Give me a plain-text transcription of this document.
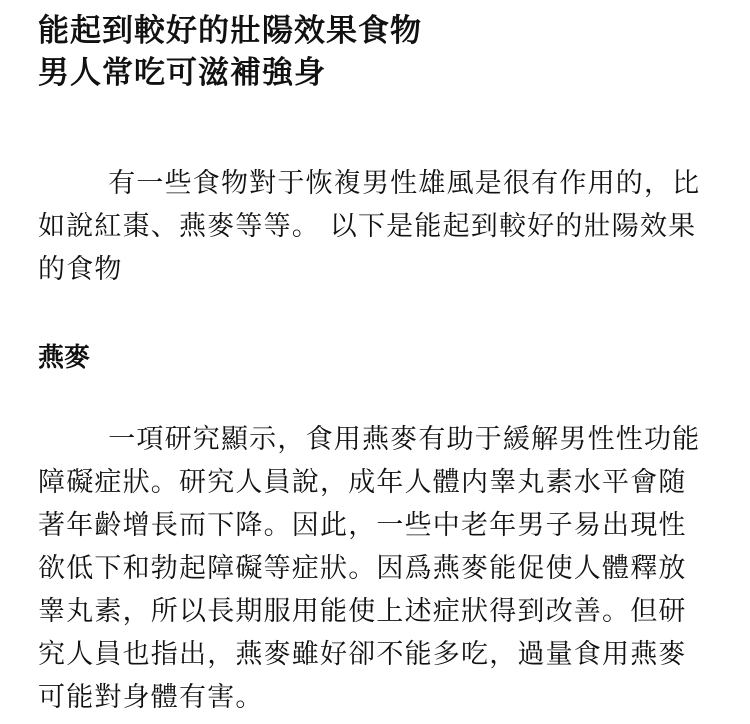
能起到較好的壯陽效果食物
男人常吃可滋補強身

有一些食物對于恢複男性雄風是很有作用的，比如說紅棗、燕麥等等。 以下是能起到較好的壯陽效果的食物

燕麥

一項研究顯示，食用燕麥有助于緩解男性性功能障礙症狀。研究人員說，成年人體内睾丸素水平會随著年齡增長而下降。因此，一些中老年男子易出現性欲低下和勃起障礙等症狀。因爲燕麥能促使人體釋放睾丸素，所以長期服用能使上述症狀得到改善。但研究人員也指出，燕麥雖好卻不能多吃，過量食用燕麥可能對身體有害。
